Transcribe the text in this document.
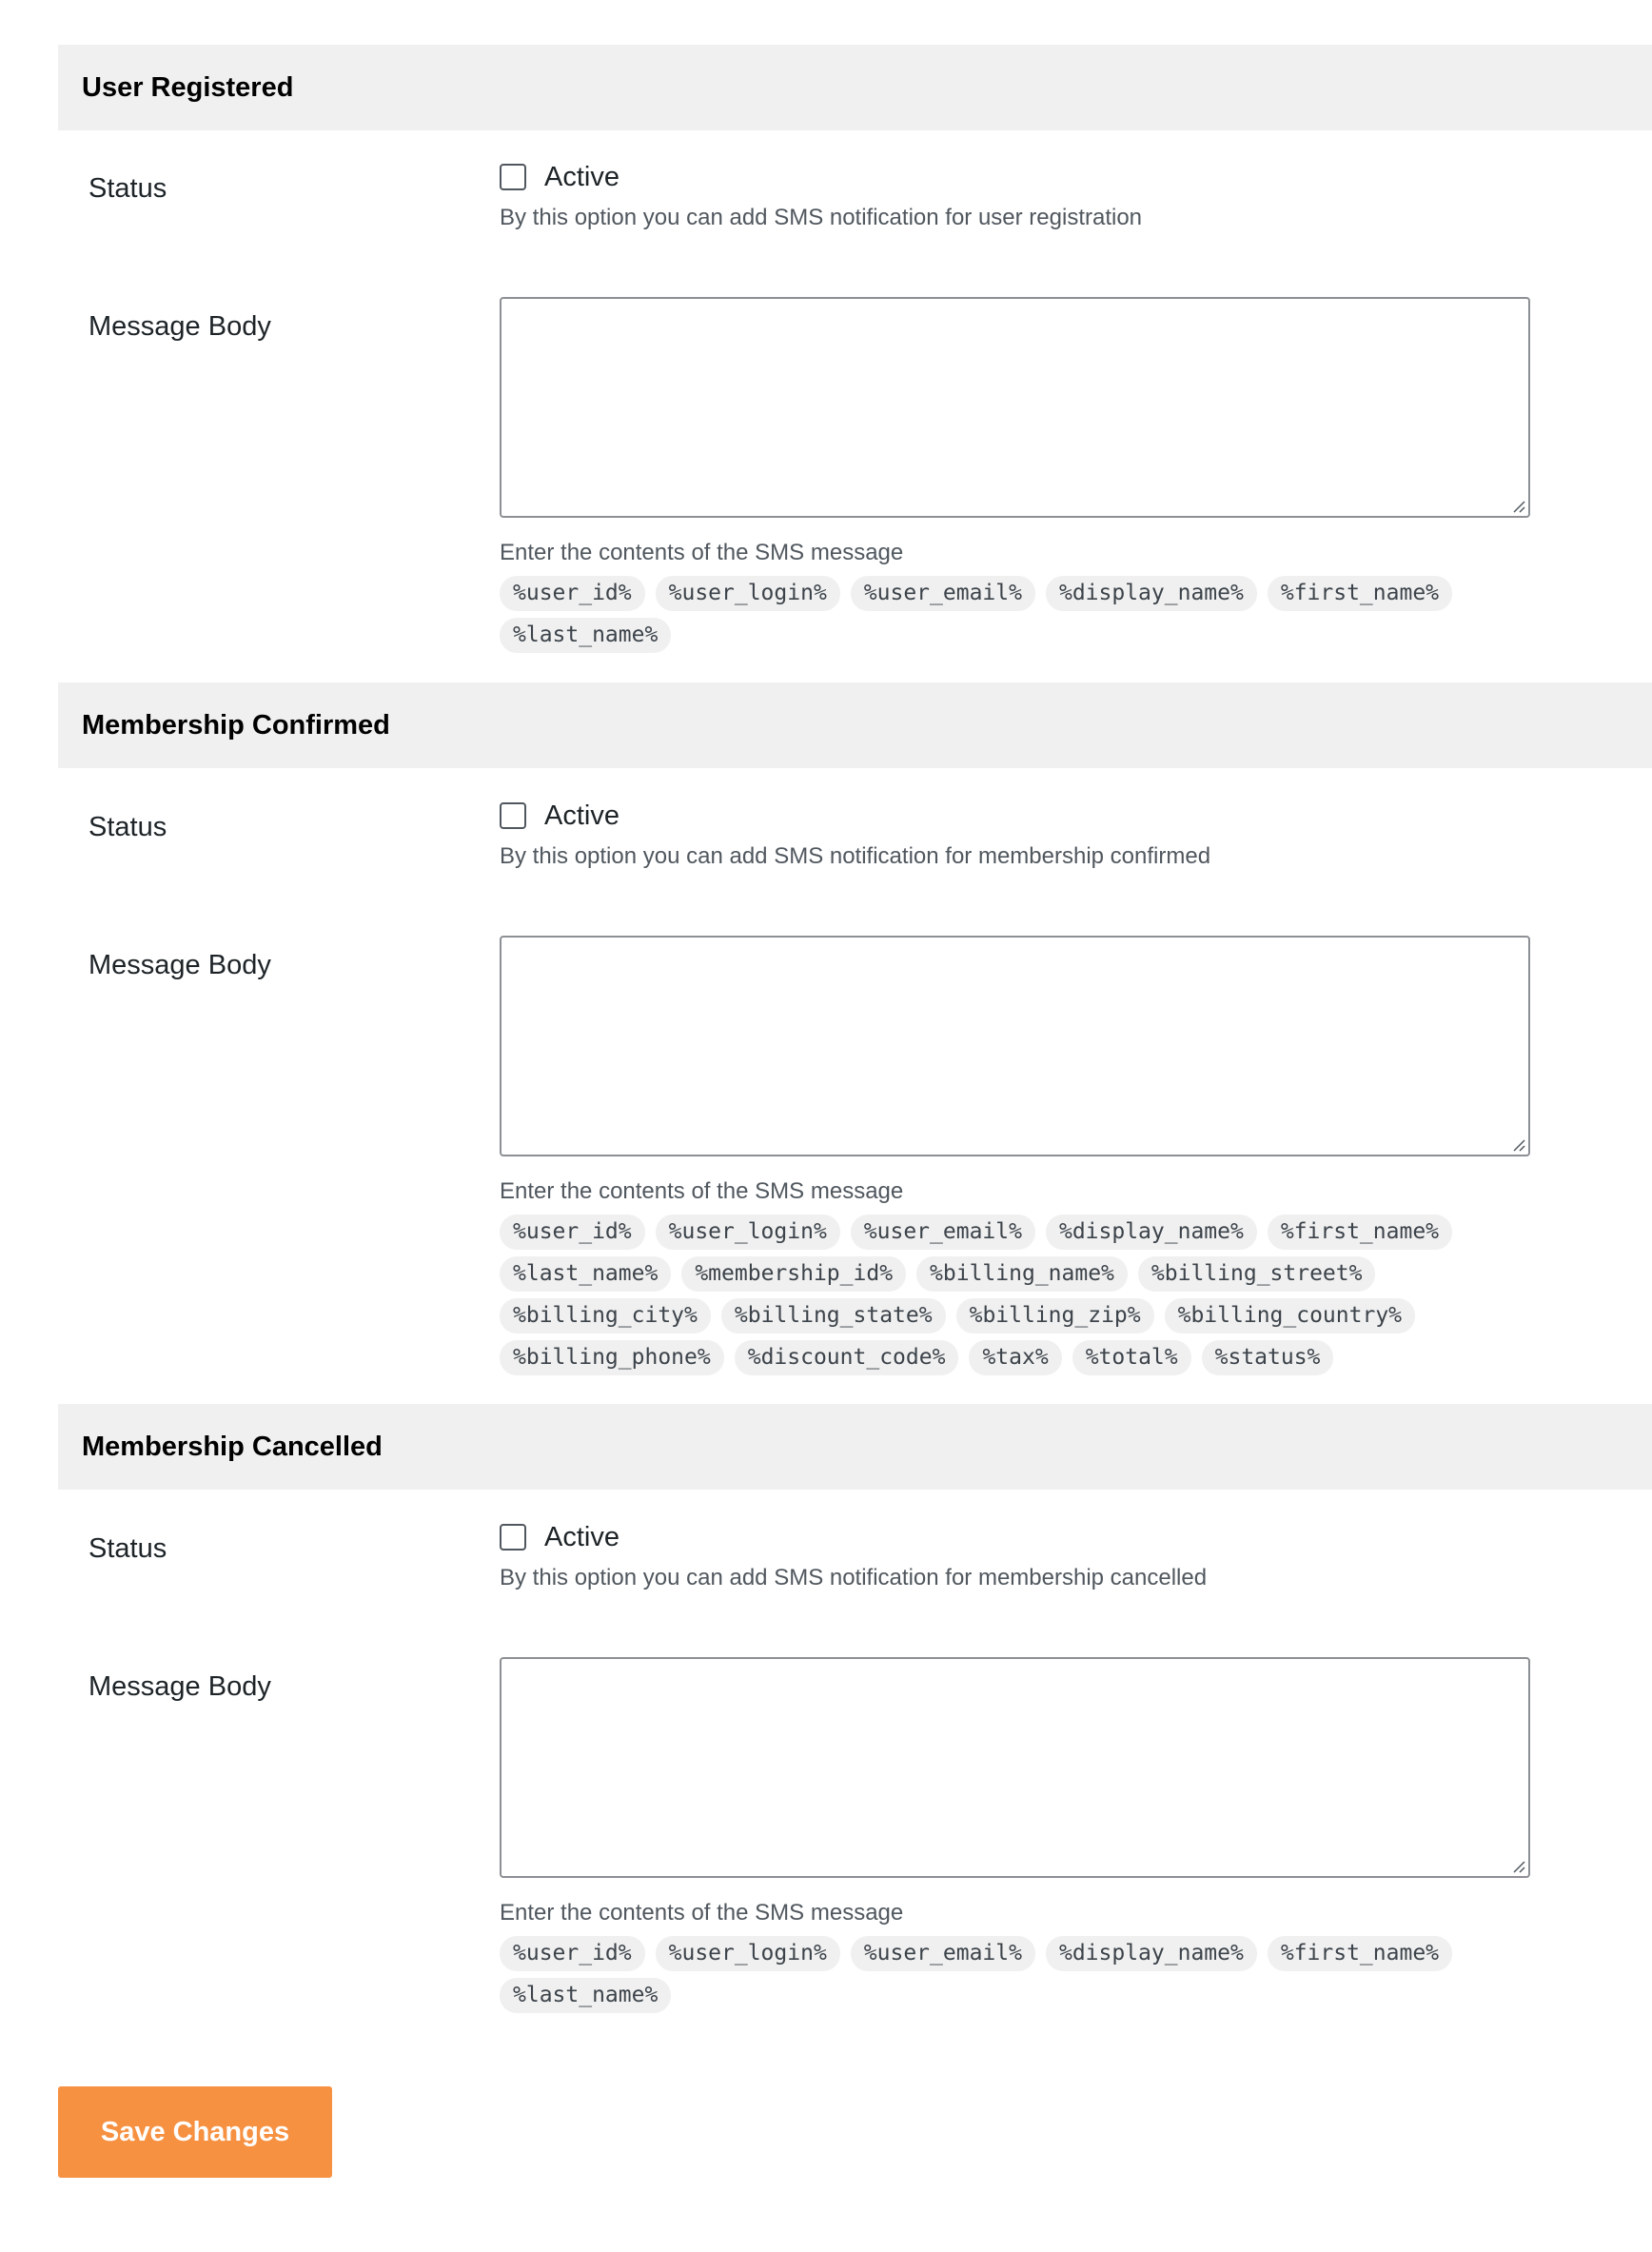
User Registered
Status	Active
By this option you can add SMS notification for user registration
Message Body
Enter the contents of the SMS message
%user_id%	%user_login%	%user_email%	%display_name%	%first_name%
%last_name%
Membership Confirmed
Status	Active
By this option you can add SMS notification for membership confirmed
Message Body
Enter the contents of the SMS message
%user_id%	%user_login%	%user_email%	%display_name%	%first_name%
%last_name%	%membership_id%	%billing_name%	%billing_street%
%billing_city%	%billing_state%	%billing_zip%	%billing_country%
%billing_phone%	%discount_code%	%tax%	%total%	%status%
Membership Cancelled
Status	Active
By this option you can add SMS notification for membership cancelled
Message Body
Enter the contents of the SMS message
%user_id%	%user_login%	%user_email%	%display_name%	%first_name%
%last_name%
Save Changes
